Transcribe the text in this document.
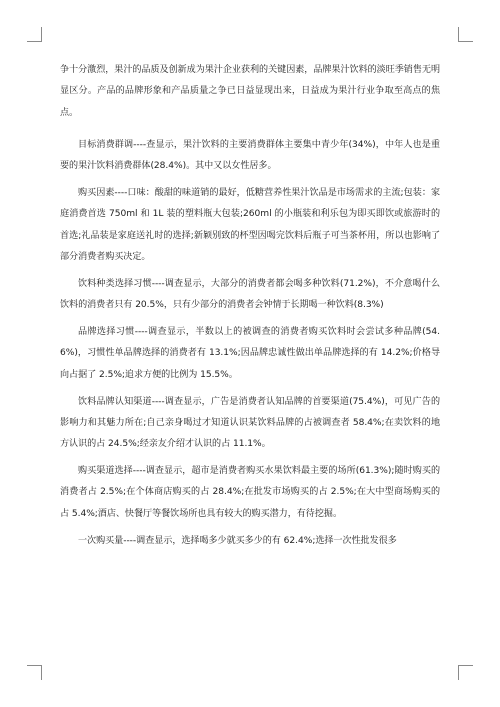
争十分激烈，果汁的品质及创新成为果汁企业获利的关键因素，品牌果汁饮料的淡旺季销售无明显区分。产品的品牌形象和产品质量之争已日益显现出来，日益成为果汁行业争取至高点的焦点。

目标消费群调----查显示，果汁饮料的主要消费群体主要集中青少年(34%)，中年人也是重要的果汁饮料消费群体(28.4%)。其中又以女性居多。

购买因素----口味：酸甜的味道销的最好，低糖营养性果汁饮品是市场需求的主流;包装：家庭消费首选 750ml 和 1L 装的塑料瓶大包装;260ml 的小瓶装和利乐包为即买即饮或旅游时的首选;礼品装是家庭送礼时的选择;新颖别致的杯型因喝完饮料后瓶子可当茶杯用，所以也影响了部分消费者购买决定。

饮料种类选择习惯----调查显示，大部分的消费者都会喝多种饮料(71.2%)，不介意喝什么饮料的消费者只有 20.5%，只有少部分的消费者会钟情于长期喝一种饮料(8.3%)

品牌选择习惯----调查显示，半数以上的被调查的消费者购买饮料时会尝试多种品牌(54.6%)，习惯性单品牌选择的消费者有 13.1%;因品牌忠诚性做出单品牌选择的有 14.2%;价格导向占据了 2.5%;追求方便的比例为 15.5%。

饮料品牌认知渠道----调查显示，广告是消费者认知品牌的首要渠道(75.4%)，可见广告的影响力和其魅力所在;自己亲身喝过才知道认识某饮料品牌的占被调查者 58.4%;在卖饮料的地方认识的占 24.5%;经亲友介绍才认识的占 11.1%。

购买渠道选择----调查显示，超市是消费者购买水果饮料最主要的场所(61.3%);随时购买的消费者占 2.5%;在个体商店购买的占 28.4%;在批发市场购买的占 2.5%;在大中型商场购买的占 5.4%;酒店、快餐厅等餐饮场所也具有较大的购买潜力，有待挖掘。

一次购买量----调查显示，选择喝多少就买多少的有 62.4%;选择一次性批发很多
